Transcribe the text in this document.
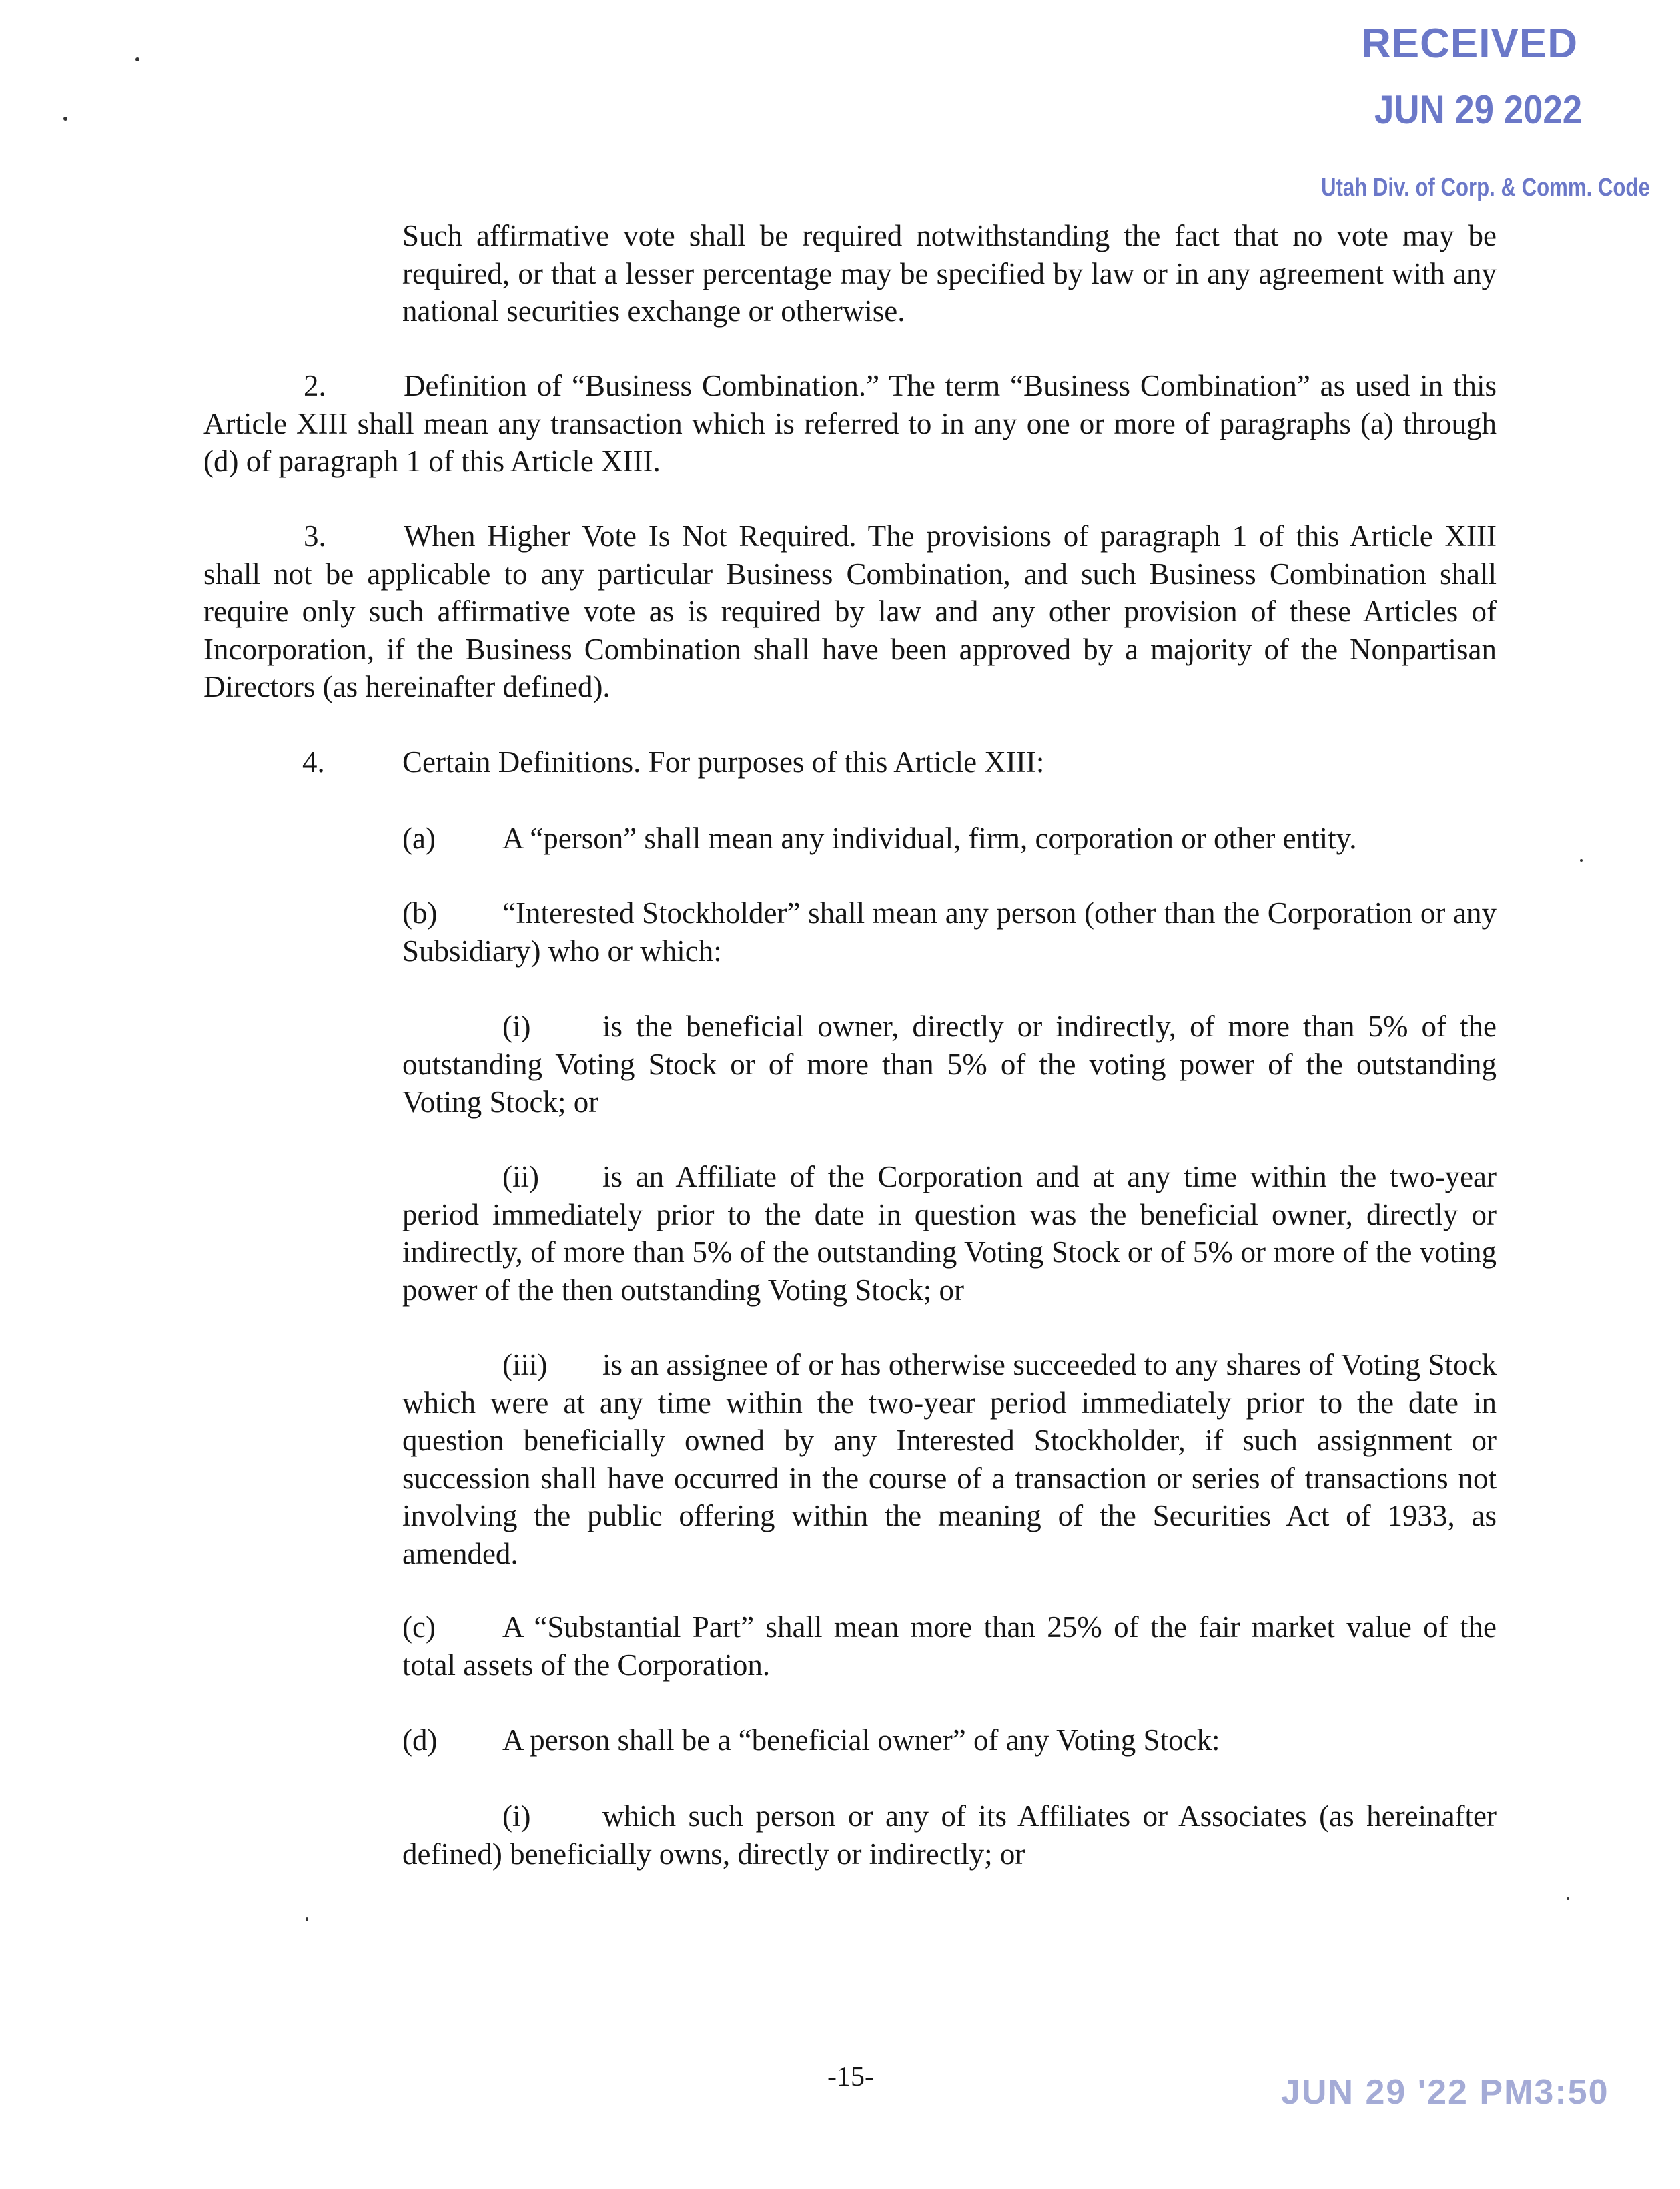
RECEIVED
JUN 29 2022
Utah Div. of Corp. & Comm. Code

Such affirmative vote shall be required notwithstanding the fact that no vote may be required, or that a lesser percentage may be specified by law or in any agreement with any national securities exchange or otherwise.

2.	Definition of “Business Combination.” The term “Business Combination” as used in this Article XIII shall mean any transaction which is referred to in any one or more of paragraphs (a) through (d) of paragraph 1 of this Article XIII.

3.	When Higher Vote Is Not Required. The provisions of paragraph 1 of this Article XIII shall not be applicable to any particular Business Combination, and such Business Combination shall require only such affirmative vote as is required by law and any other provision of these Articles of Incorporation, if the Business Combination shall have been approved by a majority of the Nonpartisan Directors (as hereinafter defined).

4.	Certain Definitions. For purposes of this Article XIII:

(a) A “person” shall mean any individual, firm, corporation or other entity.

(b) “Interested Stockholder” shall mean any person (other than the Corporation or any Subsidiary) who or which:

(i) is the beneficial owner, directly or indirectly, of more than 5% of the outstanding Voting Stock or of more than 5% of the voting power of the outstanding Voting Stock; or

(ii) is an Affiliate of the Corporation and at any time within the two-year period immediately prior to the date in question was the beneficial owner, directly or indirectly, of more than 5% of the outstanding Voting Stock or of 5% or more of the voting power of the then outstanding Voting Stock; or

(iii) is an assignee of or has otherwise succeeded to any shares of Voting Stock which were at any time within the two-year period immediately prior to the date in question beneficially owned by any Interested Stockholder, if such assignment or succession shall have occurred in the course of a transaction or series of transactions not involving the public offering within the meaning of the Securities Act of 1933, as amended.

(c) A “Substantial Part” shall mean more than 25% of the fair market value of the total assets of the Corporation.

(d) A person shall be a “beneficial owner” of any Voting Stock:

(i) which such person or any of its Affiliates or Associates (as hereinafter defined) beneficially owns, directly or indirectly; or

-15-	JUN 29 '22 PM3:50
